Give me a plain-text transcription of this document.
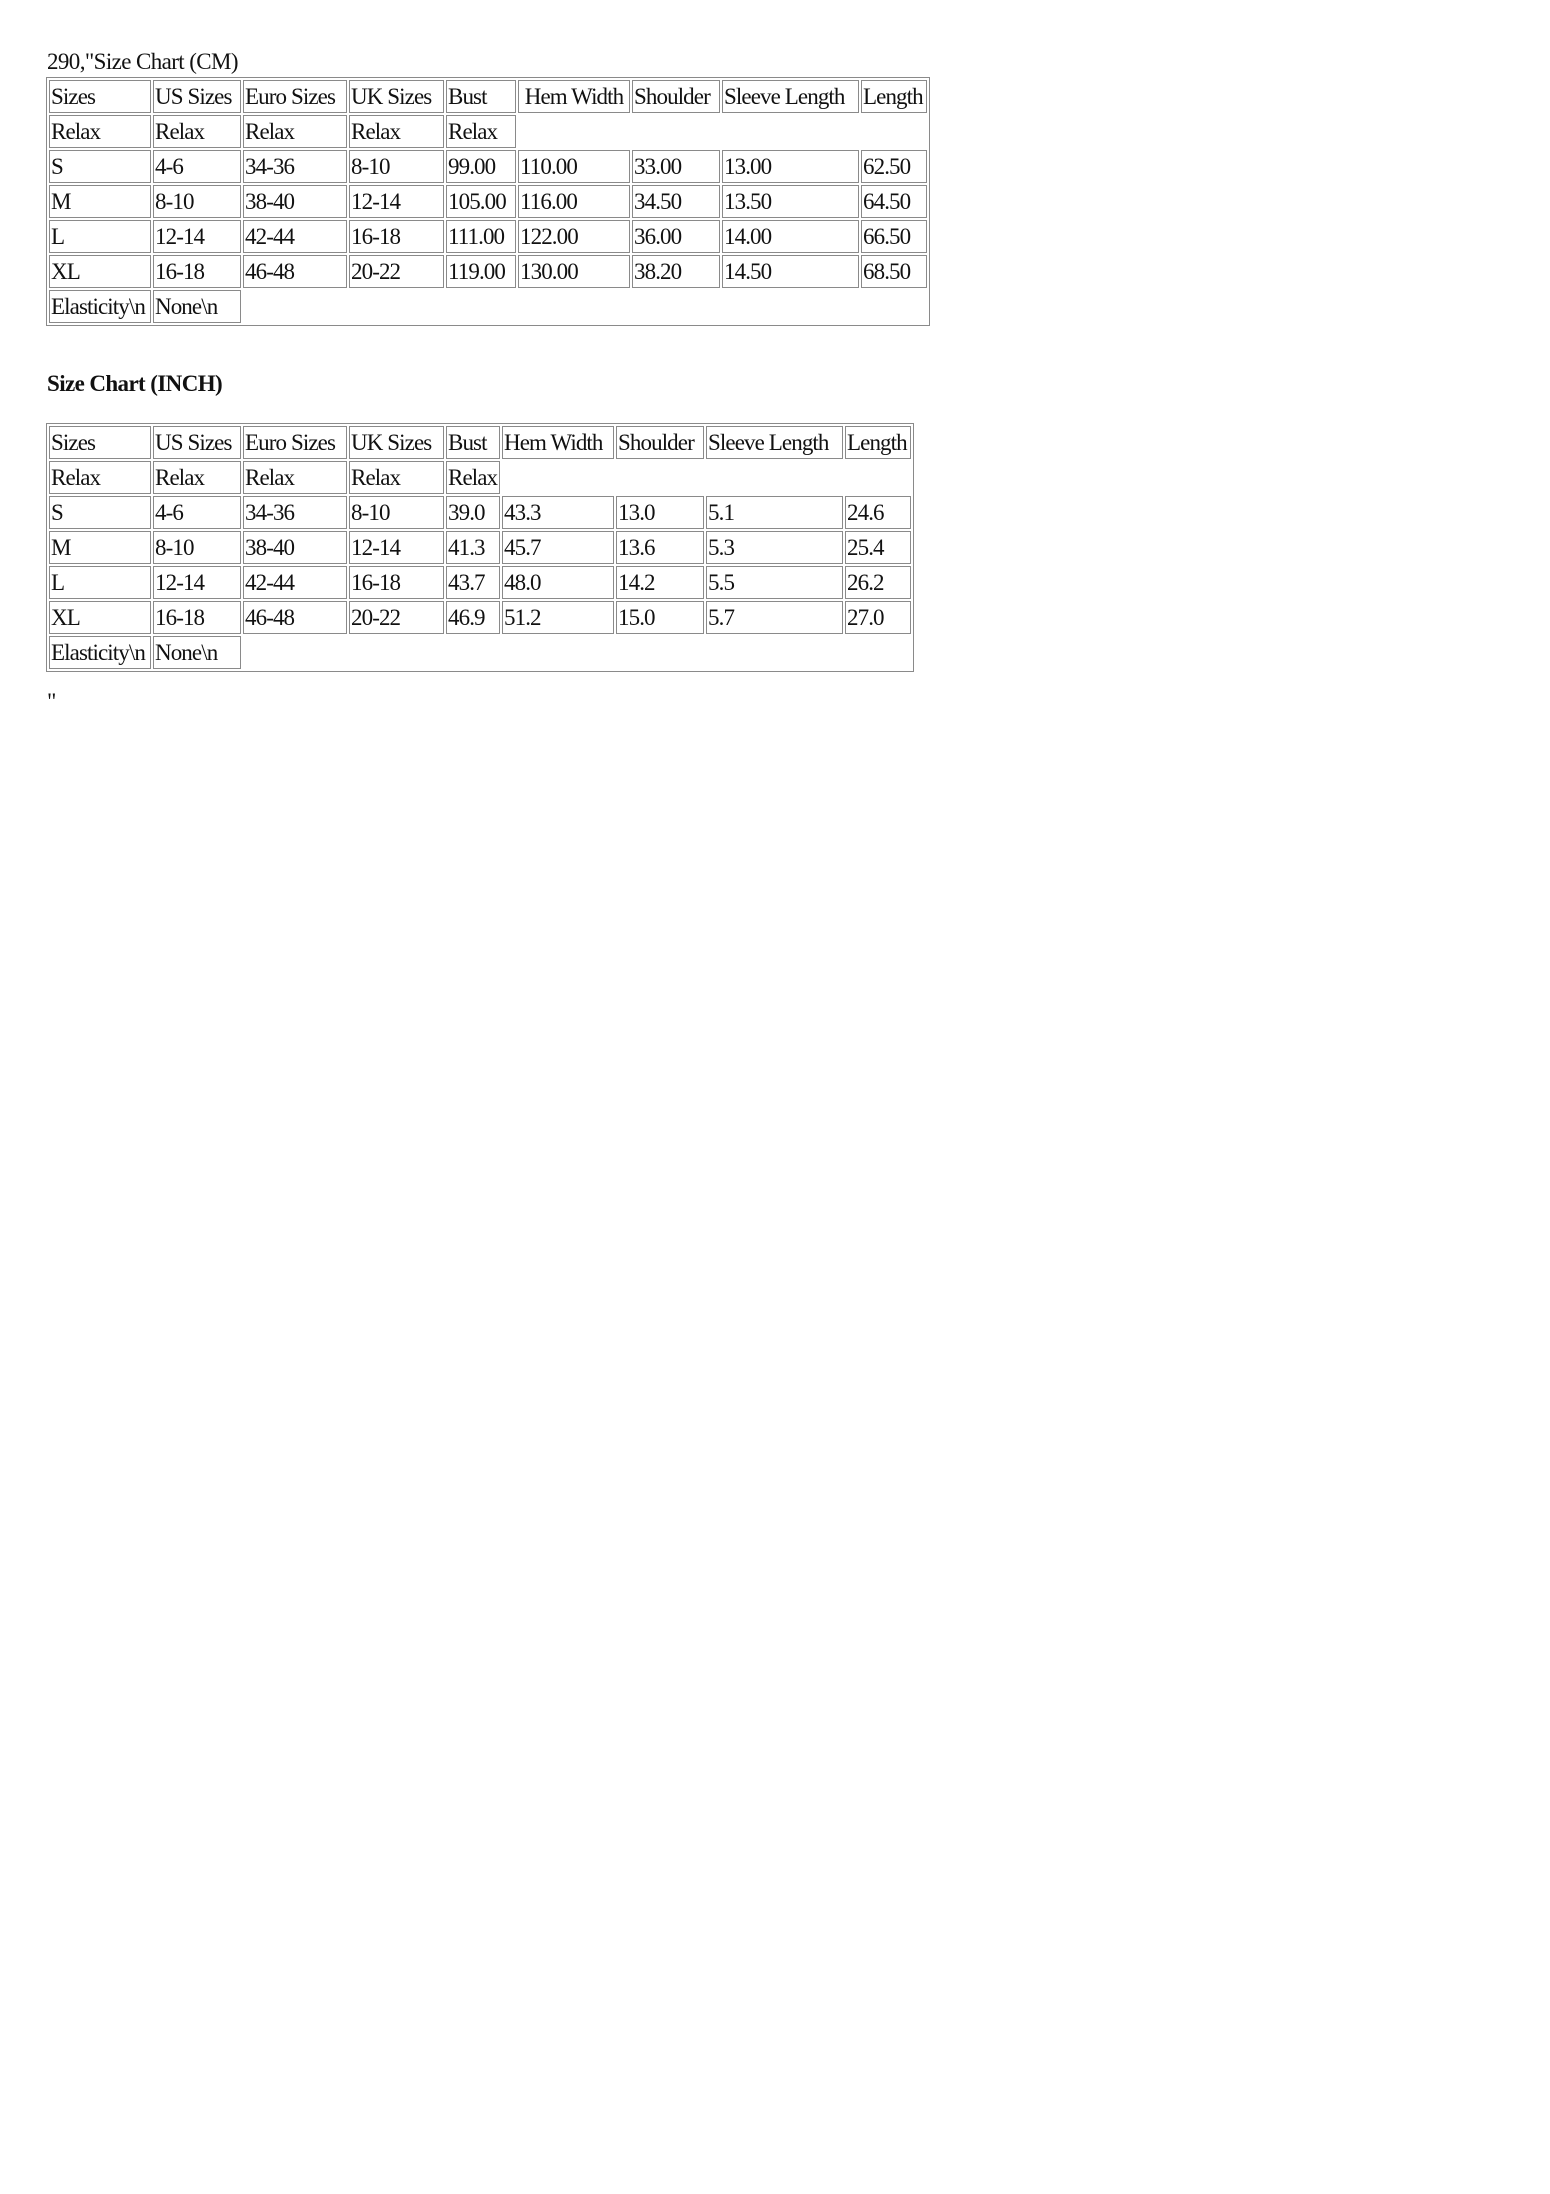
290,"Size Chart (CM)
Sizes	US Sizes	Euro Sizes	UK Sizes	Bust	Hem Width	Shoulder	Sleeve Length	Length
Relax	Relax	Relax	Relax	Relax				
S	4-6	34-36	8-10	99.00	110.00	33.00	13.00	62.50
M	8-10	38-40	12-14	105.00	116.00	34.50	13.50	64.50
L	12-14	42-44	16-18	111.00	122.00	36.00	14.00	66.50
XL	16-18	46-48	20-22	119.00	130.00	38.20	14.50	68.50
Elasticity\n	None\n							
Size Chart (INCH)
Sizes	US Sizes	Euro Sizes	UK Sizes	Bust	Hem Width	Shoulder	Sleeve Length	Length
Relax	Relax	Relax	Relax	Relax				
S	4-6	34-36	8-10	39.0	43.3	13.0	5.1	24.6
M	8-10	38-40	12-14	41.3	45.7	13.6	5.3	25.4
L	12-14	42-44	16-18	43.7	48.0	14.2	5.5	26.2
XL	16-18	46-48	20-22	46.9	51.2	15.0	5.7	27.0
Elasticity\n	None\n							
"
